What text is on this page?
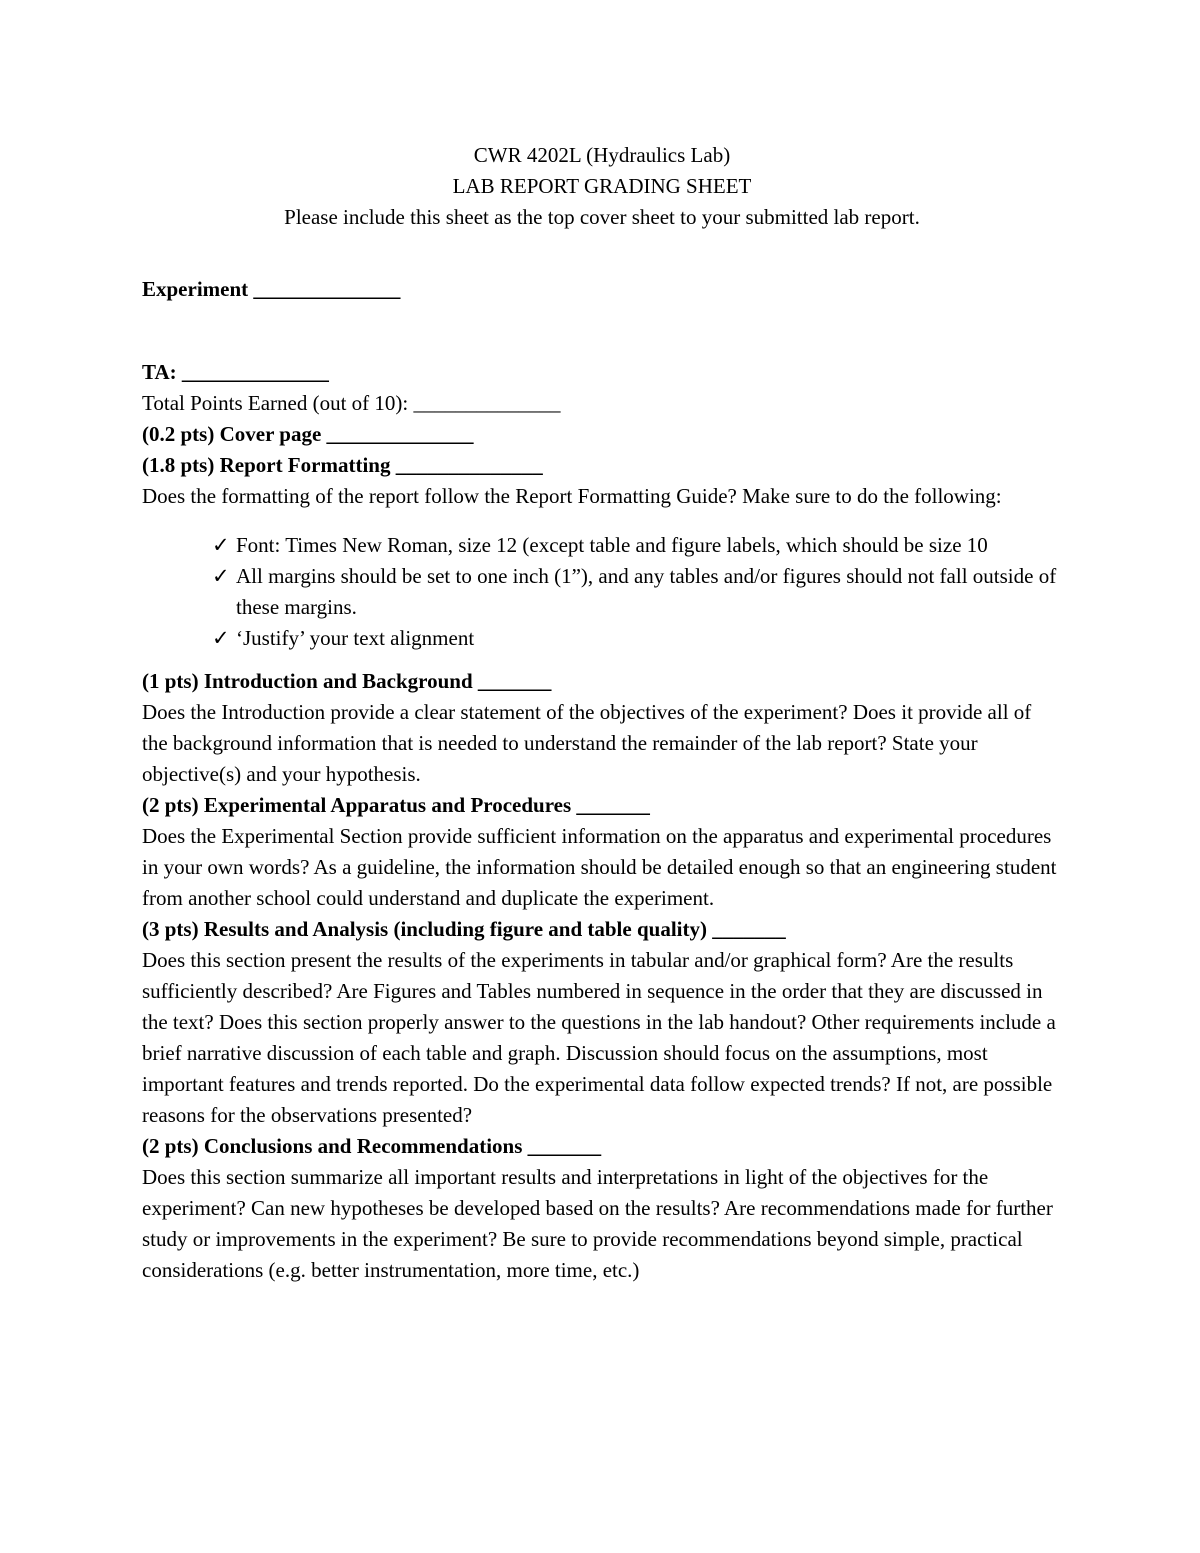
CWR 4202L (Hydraulics Lab)
LAB REPORT GRADING SHEET
Please include this sheet as the top cover sheet to your submitted lab report.
Experiment ______________
TA: ______________
Total Points Earned (out of 10): ______________
(0.2 pts) Cover page ______________
(1.8 pts) Report Formatting ______________
Does the formatting of the report follow the Report Formatting Guide? Make sure to do the following:
✓ Font: Times New Roman, size 12 (except table and figure labels, which should be size 10
✓ All margins should be set to one inch (1”), and any tables and/or figures should not fall outside of these margins.
✓ ‘Justify’ your text alignment
(1 pts) Introduction and Background _______
Does the Introduction provide a clear statement of the objectives of the experiment? Does it provide all of the background information that is needed to understand the remainder of the lab report? State your objective(s) and your hypothesis.
(2 pts) Experimental Apparatus and Procedures _______
Does the Experimental Section provide sufficient information on the apparatus and experimental procedures in your own words? As a guideline, the information should be detailed enough so that an engineering student from another school could understand and duplicate the experiment.
(3 pts) Results and Analysis (including figure and table quality) _______
Does this section present the results of the experiments in tabular and/or graphical form? Are the results sufficiently described? Are Figures and Tables numbered in sequence in the order that they are discussed in the text? Does this section properly answer to the questions in the lab handout? Other requirements include a brief narrative discussion of each table and graph. Discussion should focus on the assumptions, most important features and trends reported. Do the experimental data follow expected trends? If not, are possible reasons for the observations presented?
(2 pts) Conclusions and Recommendations _______
Does this section summarize all important results and interpretations in light of the objectives for the experiment? Can new hypotheses be developed based on the results? Are recommendations made for further study or improvements in the experiment? Be sure to provide recommendations beyond simple, practical considerations (e.g. better instrumentation, more time, etc.)
